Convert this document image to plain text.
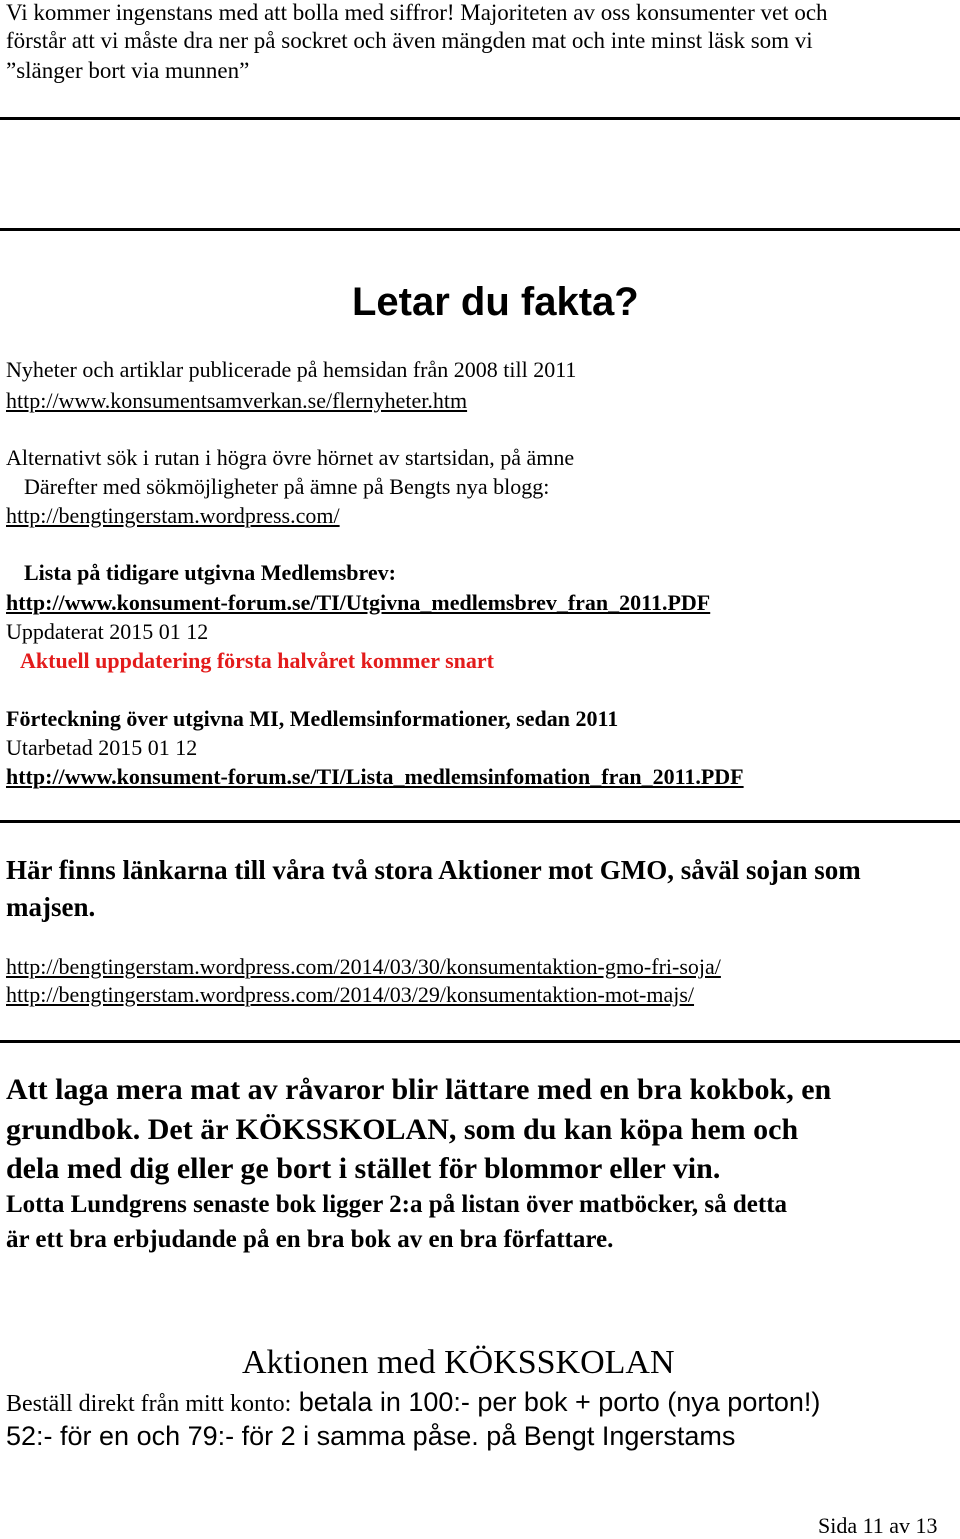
Vi kommer ingenstans med att bolla med siffror! Majoriteten av oss konsumenter vet och
förstår att vi måste dra ner på sockret och även mängden mat och inte minst läsk som vi
”slänger bort via munnen”
Letar du fakta?
Nyheter och artiklar publicerade på hemsidan från 2008 till 2011
http://www.konsumentsamverkan.se/flernyheter.htm
Alternativt sök i rutan i högra övre hörnet av startsidan, på ämne
Därefter med sökmöjligheter på ämne på Bengts nya blogg:
http://bengtingerstam.wordpress.com/
Lista på tidigare utgivna Medlemsbrev:
http://www.konsument-forum.se/TI/Utgivna_medlemsbrev_fran_2011.PDF
Uppdaterat 2015 01 12
Aktuell uppdatering första halvåret kommer snart
Förteckning över utgivna MI, Medlemsinformationer, sedan 2011
Utarbetad 2015 01 12
http://www.konsument-forum.se/TI/Lista_medlemsinfomation_fran_2011.PDF
Här finns länkarna till våra två stora Aktioner mot GMO, såväl sojan som
majsen.
http://bengtingerstam.wordpress.com/2014/03/30/konsumentaktion-gmo-fri-soja/
http://bengtingerstam.wordpress.com/2014/03/29/konsumentaktion-mot-majs/
Att laga mera mat av råvaror blir lättare med en bra kokbok, en
grundbok. Det är KÖKSSKOLAN, som du kan köpa hem och
dela med dig eller ge bort i stället för blommor eller vin.
Lotta Lundgrens senaste bok ligger 2:a på listan över matböcker, så detta
är ett bra erbjudande på en bra bok av en bra författare.
Aktionen med KÖKSSKOLAN
Beställ direkt från mitt konto: betala in 100:- per bok + porto (nya porton!)
52:- för en och 79:- för 2 i samma påse. på Bengt Ingerstams
Sida 11 av 13
